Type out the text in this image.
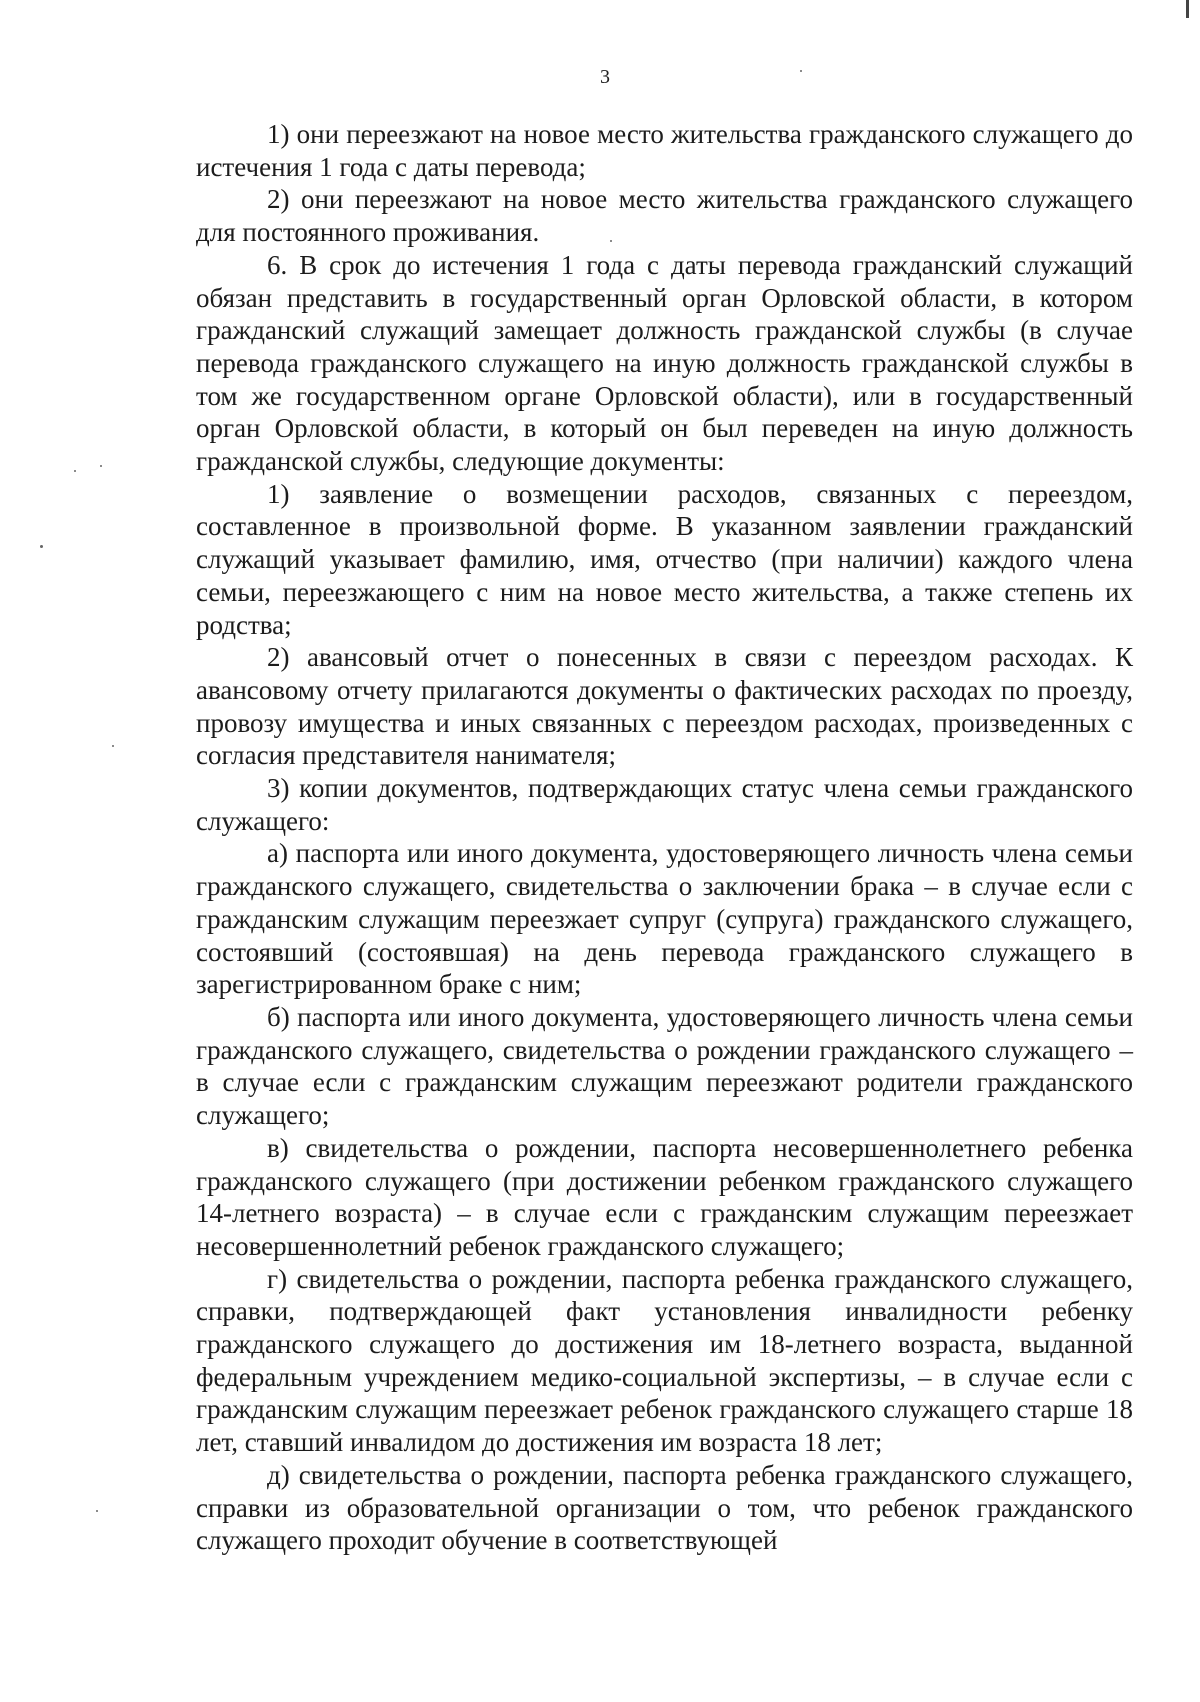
3

1) они переезжают на новое место жительства гражданского служащего до истечения 1 года с даты перевода;

2) они переезжают на новое место жительства гражданского служащего для постоянного проживания.

6. В срок до истечения 1 года с даты перевода гражданский служащий обязан представить в государственный орган Орловской области, в котором гражданский служащий замещает должность гражданской службы (в случае перевода гражданского служащего на иную должность гражданской службы в том же государственном органе Орловской области), или в государственный орган Орловской области, в который он был переведен на иную должность гражданской службы, следующие документы:

1) заявление о возмещении расходов, связанных с переездом, составленное в произвольной форме. В указанном заявлении гражданский служащий указывает фамилию, имя, отчество (при наличии) каждого члена семьи, переезжающего с ним на новое место жительства, а также степень их родства;

2) авансовый отчет о понесенных в связи с переездом расходах. К авансовому отчету прилагаются документы о фактических расходах по проезду, провозу имущества и иных связанных с переездом расходах, произведенных с согласия представителя нанимателя;

3) копии документов, подтверждающих статус члена семьи гражданского служащего:

а) паспорта или иного документа, удостоверяющего личность члена семьи гражданского служащего, свидетельства о заключении брака – в случае если с гражданским служащим переезжает супруг (супруга) гражданского служащего, состоявший (состоявшая) на день перевода гражданского служащего в зарегистрированном браке с ним;

б) паспорта или иного документа, удостоверяющего личность члена семьи гражданского служащего, свидетельства о рождении гражданского служащего – в случае если с гражданским служащим переезжают родители гражданского служащего;

в) свидетельства о рождении, паспорта несовершеннолетнего ребенка гражданского служащего (при достижении ребенком гражданского служащего 14-летнего возраста) – в случае если с гражданским служащим переезжает несовершеннолетний ребенок гражданского служащего;

г) свидетельства о рождении, паспорта ребенка гражданского служащего, справки, подтверждающей факт установления инвалидности ребенку гражданского служащего до достижения им 18-летнего возраста, выданной федеральным учреждением медико-социальной экспертизы, – в случае если с гражданским служащим переезжает ребенок гражданского служащего старше 18 лет, ставший инвалидом до достижения им возраста 18 лет;

д) свидетельства о рождении, паспорта ребенка гражданского служащего, справки из образовательной организации о том, что ребенок гражданского служащего проходит обучение в соответствующей
